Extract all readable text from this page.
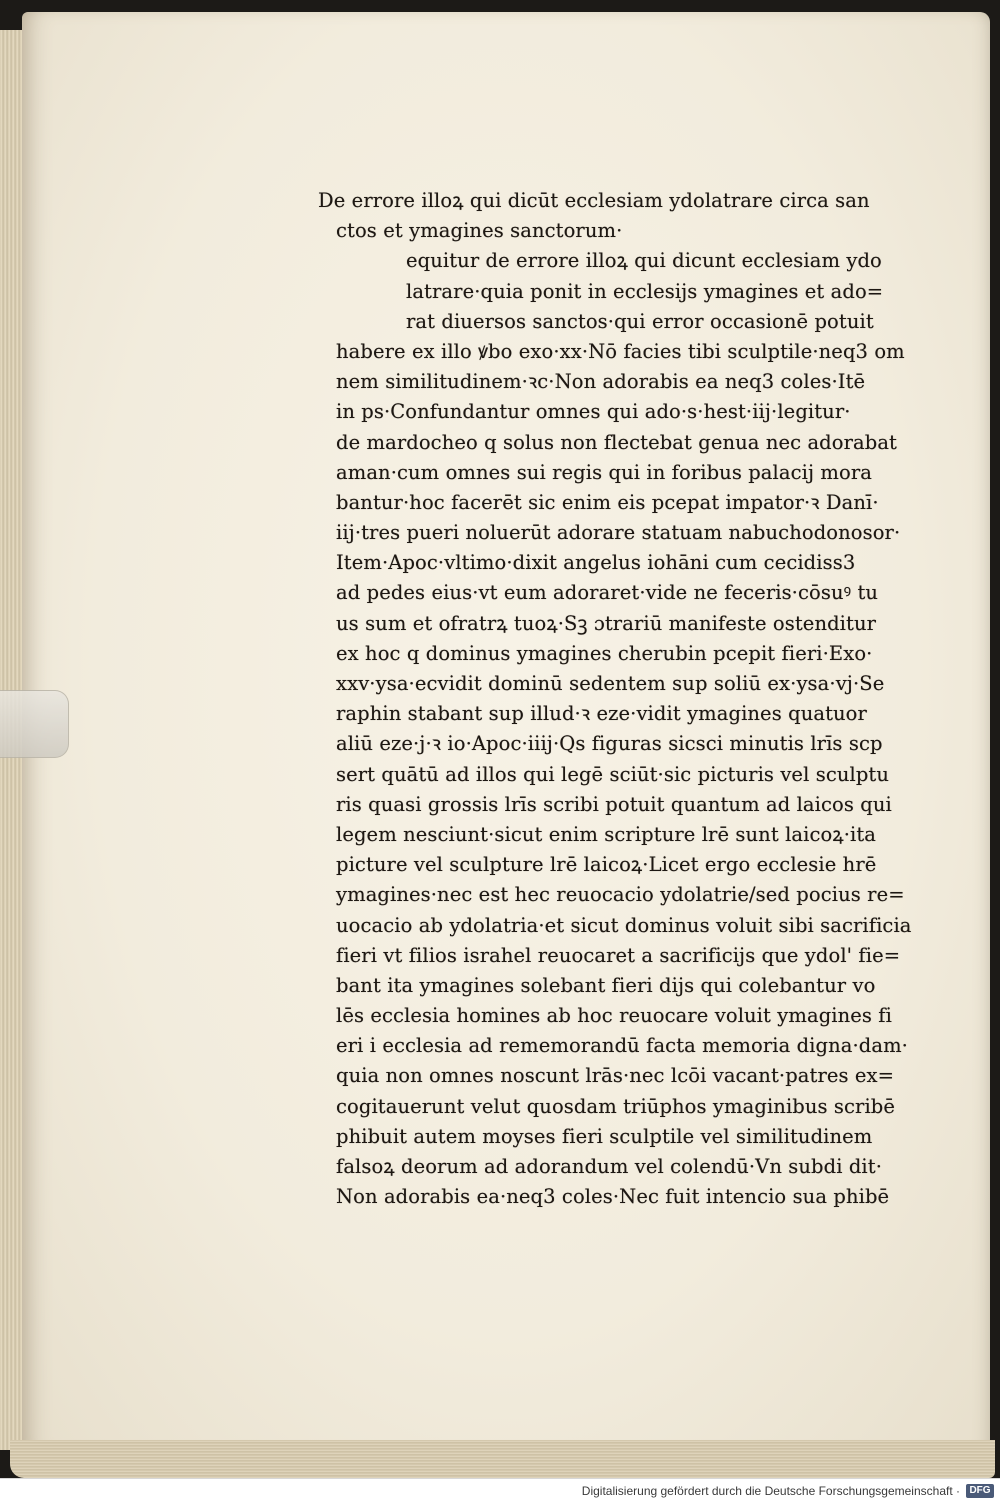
De errore illoꝝ qui dicūt ecclesiam ydolatrare circa san
ctos et ymagines sanctorum·
equitur de errore illoꝝ qui dicunt ecclesiam ydo
latrare·quia ponit in ecclesijs ymagines et ado=
rat diuersos sanctos·qui error occasionē potuit
habere ex illo ꝟbo exo·xx·Nō facies tibi sculptile·neq3 om
nem similitudinem·ꝛc·Non adorabis ea neq3 coles·Itē
in ps·Confundantur omnes qui ado·s·hest·iij·legitur·
de mardocheo q solus non flectebat genua nec adorabat
aman·cum omnes sui regis qui in foribus palacij mora
bantur·hoc facerēt sic enim eis pcepat impator·ꝛ Danī·
iij·tres pueri noluerūt adorare statuam nabuchodonosor·
Item·Apoc·vltimo·dixit angelus iohāni cum cecidiss3
ad pedes eius·vt eum adoraret·vide ne feceris·cōsuꝰ tu
us sum et ofratrꝝ tuoꝝ·Sꝫ ɔtrariū manifeste ostenditur
ex hoc q dominus ymagines cherubin pcepit fieri·Exo·
xxv·ysa·ecvidit dominū sedentem sup soliū ex·ysa·vj·Se
raphin stabant sup illud·ꝛ eze·vidit ymagines quatuor
aliū eze·j·ꝛ io·Apoc·iiij·Qs figuras sicsci minutis lrīs scp
sert quātū ad illos qui legē sciūt·sic picturis vel sculptu
ris quasi grossis lrīs scribi potuit quantum ad laicos qui
legem nesciunt·sicut enim scripture lrē sunt laicoꝝ·ita
picture vel sculpture lrē laicoꝝ·Licet ergo ecclesie hrē
ymagines·nec est hec reuocacio ydolatrie/sed pocius re=
uocacio ab ydolatria·et sicut dominus voluit sibi sacrificia
fieri vt filios israhel reuocaret a sacrificijs que ydol' fie=
bant ita ymagines solebant fieri dijs qui colebantur vo
lēs ecclesia homines ab hoc reuocare voluit ymagines fi
eri i ecclesia ad rememorandū facta memoria digna·dam·
quia non omnes noscunt lrās·nec lcōi vacant·patres ex=
cogitauerunt velut quosdam triūphos ymaginibus scribē
phibuit autem moyses fieri sculptile vel similitudinem
falsoꝝ deorum ad adorandum vel colendū·Vn subdi dit·
Non adorabis ea·neq3 coles·Nec fuit intencio sua phibē
Digitalisierung gefördert durch die Deutsche Forschungsgemeinschaft · DFG
